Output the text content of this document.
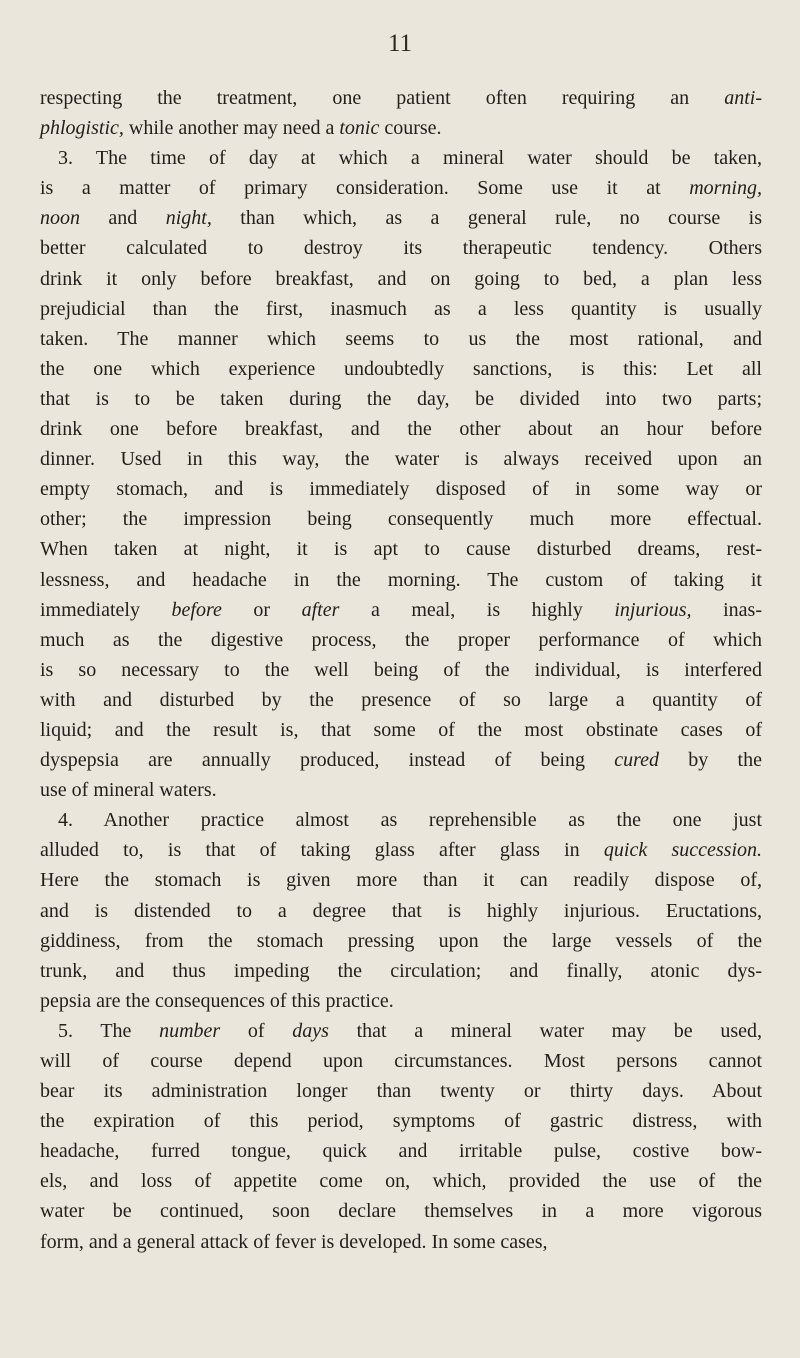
11
respecting the treatment, one patient often requiring an anti-
phlogistic, while another may need a tonic course.
3. The time of day at which a mineral water should be taken,
is a matter of primary consideration. Some use it at morning,
noon and night, than which, as a general rule, no course is
better calculated to destroy its therapeutic tendency. Others
drink it only before breakfast, and on going to bed, a plan less
prejudicial than the first, inasmuch as a less quantity is usually
taken. The manner which seems to us the most rational, and
the one which experience undoubtedly sanctions, is this: Let all
that is to be taken during the day, be divided into two parts;
drink one before breakfast, and the other about an hour before
dinner. Used in this way, the water is always received upon an
empty stomach, and is immediately disposed of in some way or
other; the impression being consequently much more effectual.
When taken at night, it is apt to cause disturbed dreams, rest-
lessness, and headache in the morning. The custom of taking it
immediately before or after a meal, is highly injurious, inas-
much as the digestive process, the proper performance of which
is so necessary to the well being of the individual, is interfered
with and disturbed by the presence of so large a quantity of
liquid; and the result is, that some of the most obstinate cases of
dyspepsia are annually produced, instead of being cured by the
use of mineral waters.
4. Another practice almost as reprehensible as the one just
alluded to, is that of taking glass after glass in quick succession.
Here the stomach is given more than it can readily dispose of,
and is distended to a degree that is highly injurious. Eructations,
giddiness, from the stomach pressing upon the large vessels of the
trunk, and thus impeding the circulation; and finally, atonic dys-
pepsia are the consequences of this practice.
5. The number of days that a mineral water may be used,
will of course depend upon circumstances. Most persons cannot
bear its administration longer than twenty or thirty days. About
the expiration of this period, symptoms of gastric distress, with
headache, furred tongue, quick and irritable pulse, costive bow-
els, and loss of appetite come on, which, provided the use of the
water be continued, soon declare themselves in a more vigorous
form, and a general attack of fever is developed. In some cases,
